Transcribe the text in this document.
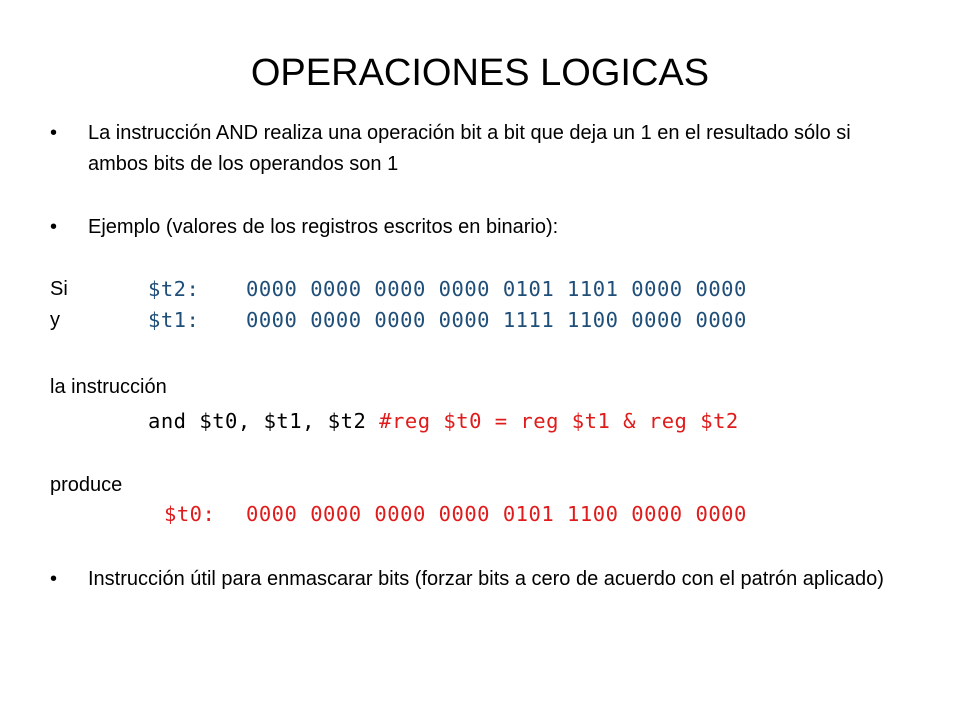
OPERACIONES LOGICAS
•	La instrucción AND realiza una operación bit a bit que deja un 1 en el resultado sólo si ambos bits de los operandos son 1
•	Ejemplo (valores de los registros escritos en binario):
Si	$t2: 0000 0000 0000 0000 0101 1101 0000 0000
y	$t1: 0000 0000 0000 0000 1111 1100 0000 0000
la instrucción
and $t0, $t1, $t2 #reg $t0 = reg $t1 & reg $t2
produce
$t0: 0000 0000 0000 0000 0101 1100 0000 0000
•	Instrucción útil para enmascarar bits (forzar bits a cero de acuerdo con el patrón aplicado)
